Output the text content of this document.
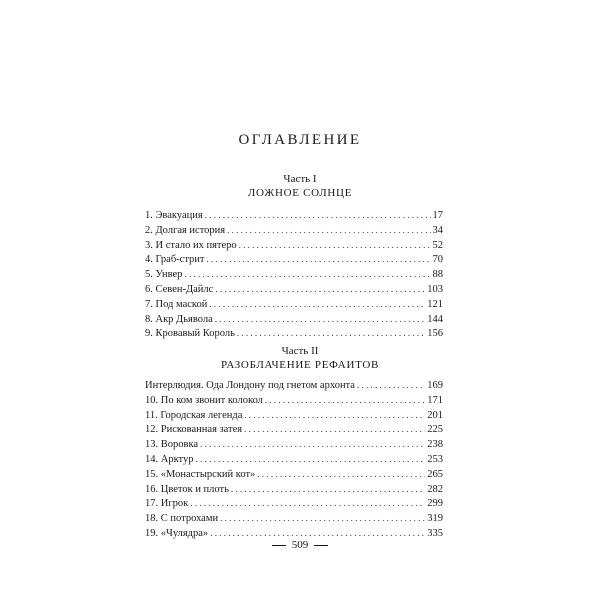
ОГЛАВЛЕНИЕ
Часть I
ЛОЖНОЕ СОЛНЦЕ
1. Эвакуация . . .	17
2. Долгая история . . .	34
3. И стало их пятеро . . .	52
4. Граб-стрит . . .	70
5. Унвер . . .	88
6. Севен-Дайлс . . .	103
7. Под маской . . .	121
8. Акр Дьявола . . .	144
9. Кровавый Король . . .	156
Часть II
РАЗОБЛАЧЕНИЕ РЕФАИТОВ
Интерлюдия. Ода Лондону под гнетом архонта . . .	169
10. По ком звонит колокол . . .	171
11. Городская легенда . . .	201
12. Рискованная затея . . .	225
13. Воровка . . .	238
14. Арктур . . .	253
15. «Монастырский кот» . . .	265
16. Цветок и плоть . . .	282
17. Игрок . . .	299
18. С потрохами . . .	319
19. «Чулядра» . . .	335
509
